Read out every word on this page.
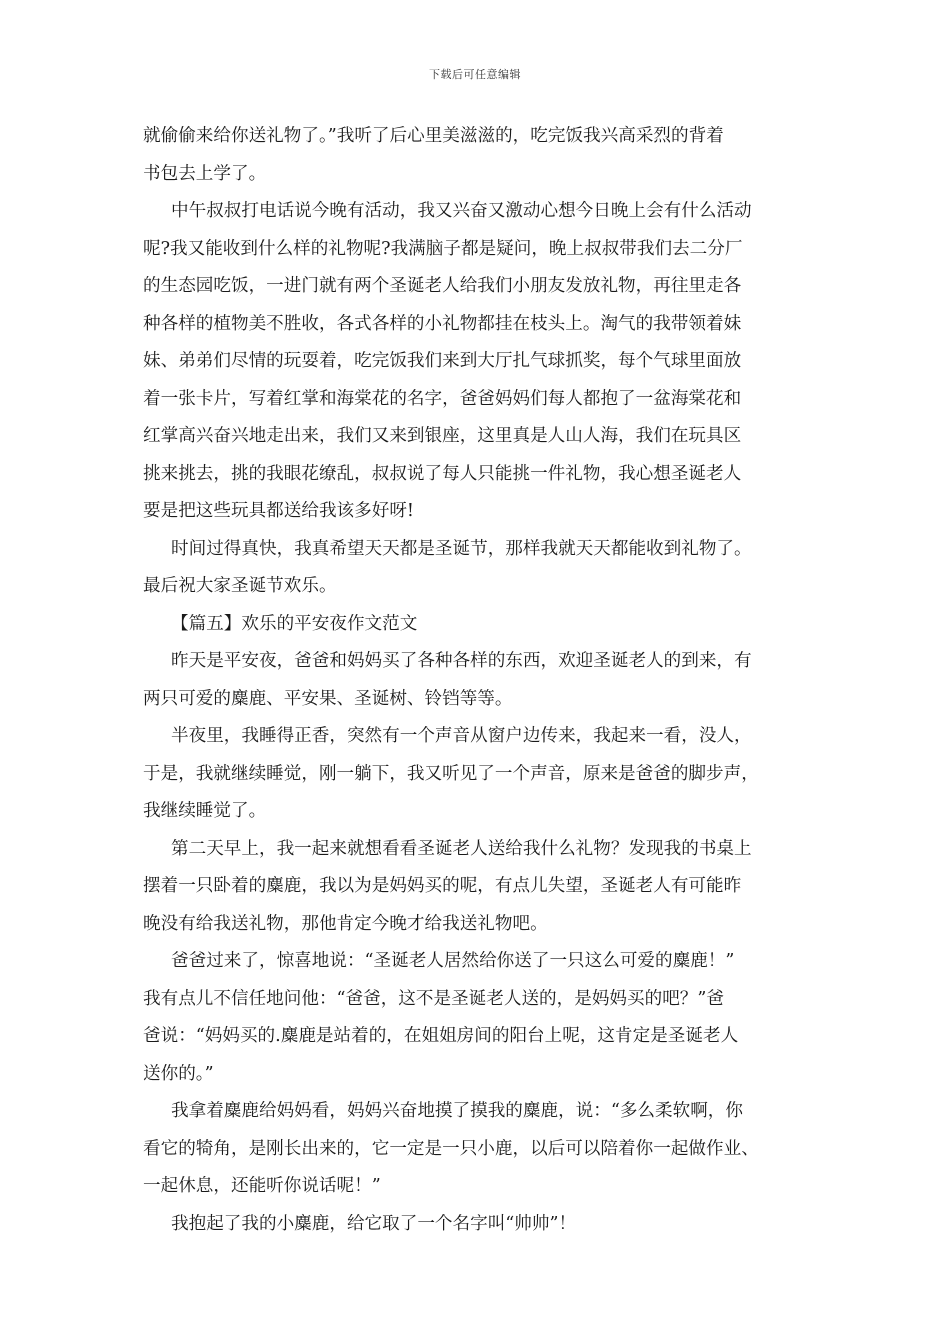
下载后可任意编辑
就偷偷来给你送礼物了。”我听了后心里美滋滋的，吃完饭我兴高采烈的背着
书包去上学了。
中午叔叔打电话说今晚有活动，我又兴奋又激动心想今日晚上会有什么活动
呢?我又能收到什么样的礼物呢?我满脑子都是疑问，晚上叔叔带我们去二分厂
的生态园吃饭，一进门就有两个圣诞老人给我们小朋友发放礼物，再往里走各
种各样的植物美不胜收，各式各样的小礼物都挂在枝头上。淘气的我带领着妹
妹、弟弟们尽情的玩耍着，吃完饭我们来到大厅扎气球抓奖，每个气球里面放
着一张卡片，写着红掌和海棠花的名字，爸爸妈妈们每人都抱了一盆海棠花和
红掌高兴奋兴地走出来，我们又来到银座，这里真是人山人海，我们在玩具区
挑来挑去，挑的我眼花缭乱，叔叔说了每人只能挑一件礼物，我心想圣诞老人
要是把这些玩具都送给我该多好呀!
时间过得真快，我真希望天天都是圣诞节，那样我就天天都能收到礼物了。
最后祝大家圣诞节欢乐。
【篇五】欢乐的平安夜作文范文
昨天是平安夜，爸爸和妈妈买了各种各样的东西，欢迎圣诞老人的到来，有
两只可爱的麋鹿、平安果、圣诞树、铃铛等等。
半夜里，我睡得正香，突然有一个声音从窗户边传来，我起来一看，没人，
于是，我就继续睡觉，刚一躺下，我又听见了一个声音，原来是爸爸的脚步声，
我继续睡觉了。
第二天早上，我一起来就想看看圣诞老人送给我什么礼物？发现我的书桌上
摆着一只卧着的麋鹿，我以为是妈妈买的呢，有点儿失望，圣诞老人有可能昨
晚没有给我送礼物，那他肯定今晚才给我送礼物吧。
爸爸过来了，惊喜地说：“圣诞老人居然给你送了一只这么可爱的麋鹿！”
我有点儿不信任地问他：“爸爸，这不是圣诞老人送的，是妈妈买的吧？”爸
爸说：“妈妈买的.麋鹿是站着的，在姐姐房间的阳台上呢，这肯定是圣诞老人
送你的。”
我拿着麋鹿给妈妈看，妈妈兴奋地摸了摸我的麋鹿，说：“多么柔软啊，你
看它的犄角，是刚长出来的，它一定是一只小鹿，以后可以陪着你一起做作业、
一起休息，还能听你说话呢！”
我抱起了我的小麋鹿，给它取了一个名字叫“帅帅”！
